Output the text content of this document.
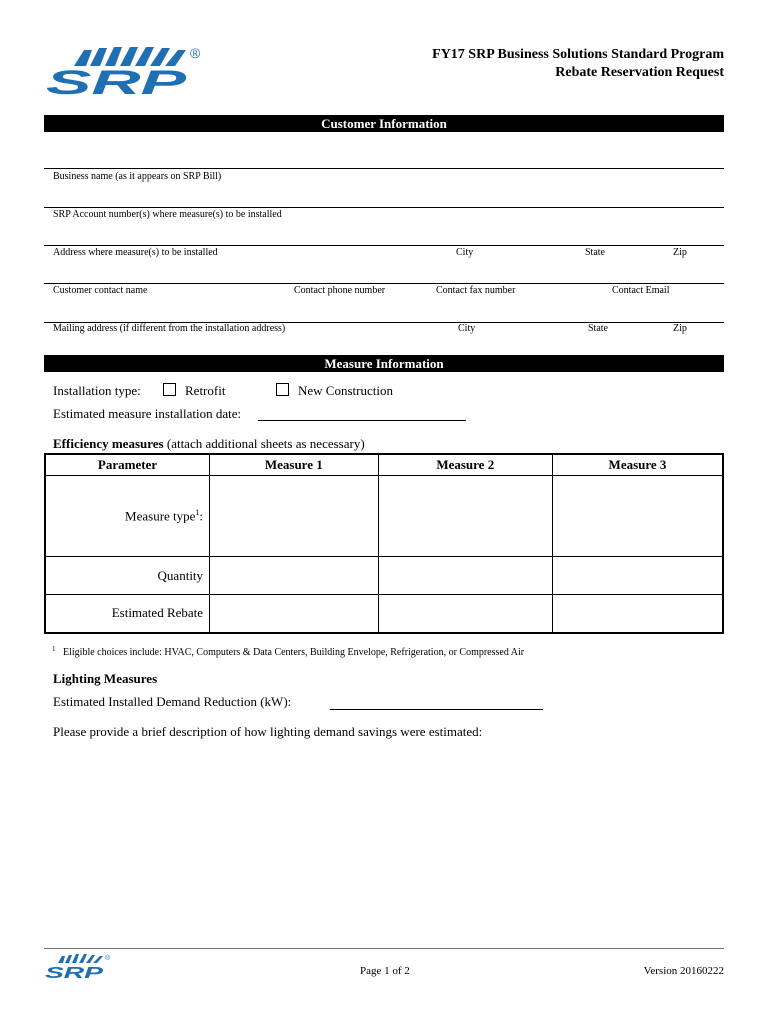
SRP
®	FY17 SRP Business Solutions Standard Program
Rebate Reservation Request
Customer Information
Business name (as it appears on SRP Bill)
SRP Account number(s) where measure(s) to be installed
Address where measure(s) to be installed	City	State	Zip
Customer contact name	Contact phone number	Contact fax number	Contact Email
Mailing address (if different from the installation address)	City	State	Zip
Measure Information
Installation type:	Retrofit	New Construction
Estimated measure installation date:
Efficiency measures (attach additional sheets as necessary)
Parameter	Measure 1	Measure 2	Measure 3
Measure type$^1$:			
Quantity			
Estimated Rebate			
1 Eligible choices include: HVAC, Computers & Data Centers, Building Envelope, Refrigeration, or Compressed Air
Lighting Measures
Estimated Installed Demand Reduction (kW):
Please provide a brief description of how lighting demand savings were estimated:
SRP
®
Page 1 of 2	Version 20160222
